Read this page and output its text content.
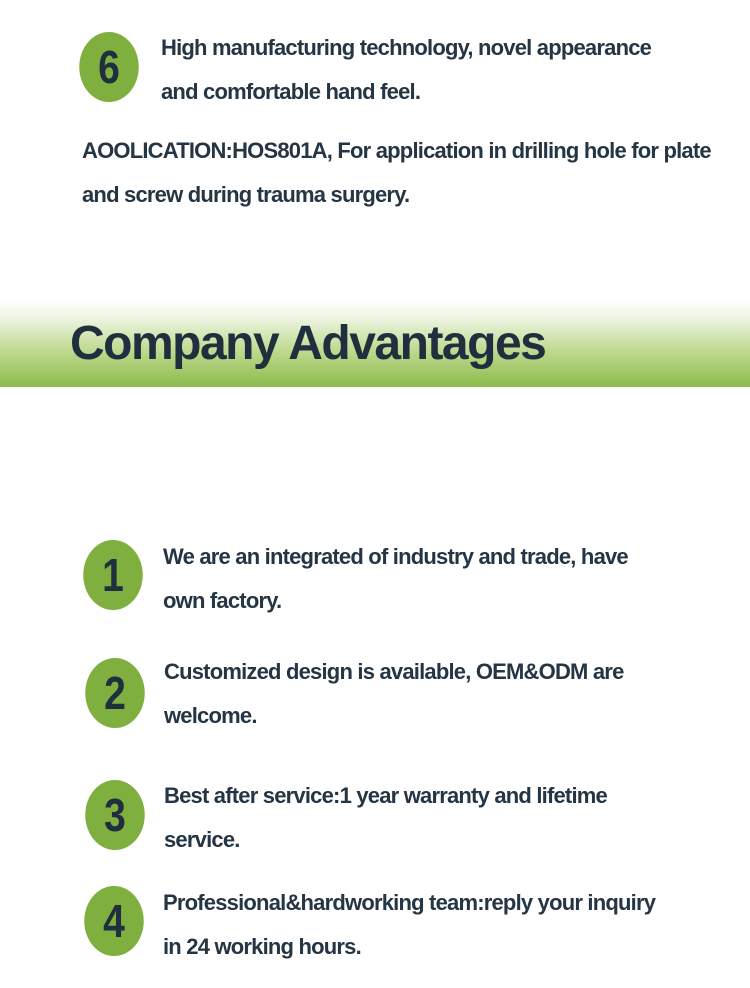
6	High manufacturing technology, novel appearance
and comfortable hand feel.
AOOLICATION:HOS801A, For application in drilling hole for plate
and screw during trauma surgery.
Company Advantages
1	We are an integrated of industry and trade, have
own factory.
2	Customized design is available, OEM&ODM are
welcome.
3	Best after service:1 year warranty and lifetime
service.
4	Professional&hardworking team:reply your inquiry
in 24 working hours.
